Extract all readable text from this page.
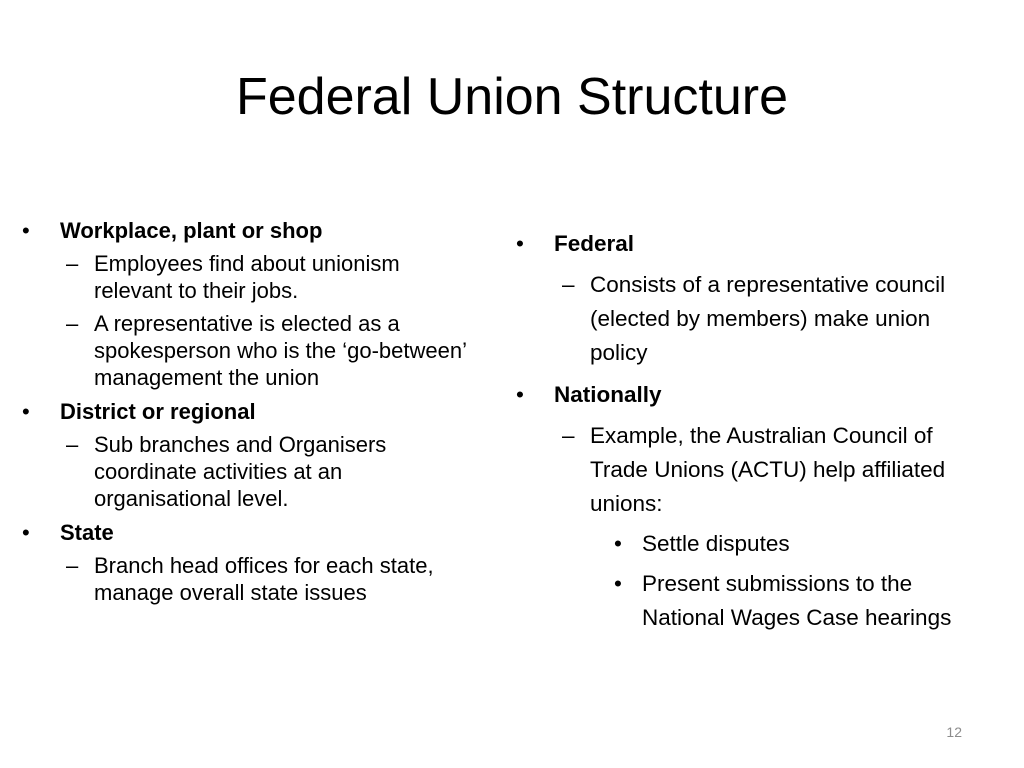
Federal Union Structure
•	Workplace, plant or shop
– Employees find about unionism relevant to their jobs.
– A representative is elected as a spokesperson who is the ‘go-between’ management the union
•	District or regional
– Sub branches and Organisers coordinate activities at an organisational level.
•	State
– Branch head offices for each state, manage overall state issues
•	Federal
– Consists of a representative council (elected by members) make union policy
•	Nationally
– Example, the Australian Council of Trade Unions (ACTU) help affiliated unions:
• Settle disputes
• Present submissions to the National Wages Case hearings
12
